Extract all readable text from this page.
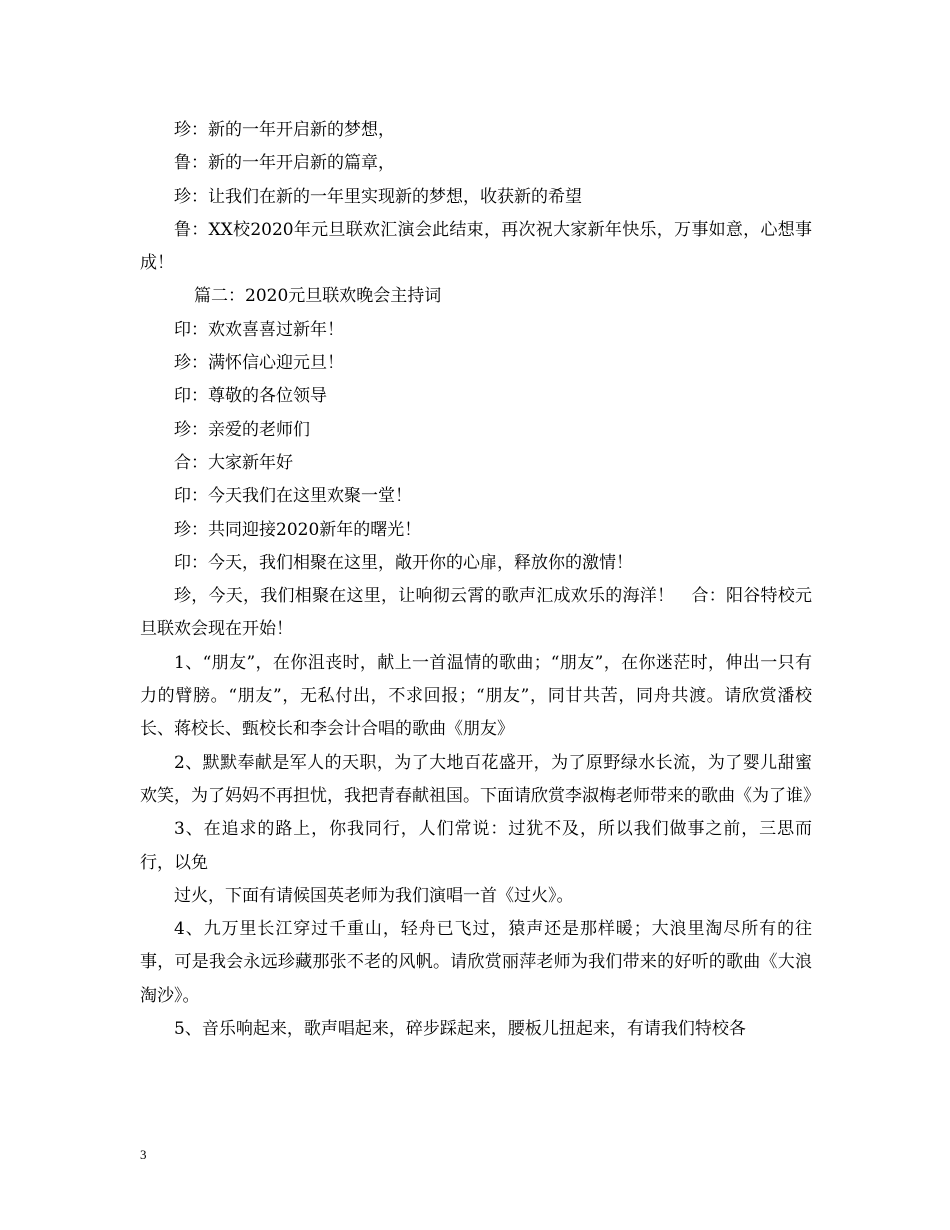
珍：新的一年开启新的梦想，

鲁：新的一年开启新的篇章，

珍：让我们在新的一年里实现新的梦想，收获新的希望

鲁：XX校2020年元旦联欢汇演会此结束，再次祝大家新年快乐，万事如意，心想事成！

篇二：2020元旦联欢晚会主持词

印：欢欢喜喜过新年！

珍：满怀信心迎元旦！

印：尊敬的各位领导

珍：亲爱的老师们

合：大家新年好

印：今天我们在这里欢聚一堂！

珍：共同迎接2020新年的曙光！

印：今天，我们相聚在这里，敞开你的心扉，释放你的激情！

珍，今天，我们相聚在这里，让响彻云霄的歌声汇成欢乐的海洋！　合：阳谷特校元旦联欢会现在开始！

1、“朋友”，在你沮丧时，献上一首温情的歌曲；“朋友”，在你迷茫时，伸出一只有力的臂膀。“朋友”，无私付出，不求回报；“朋友”，同甘共苦，同舟共渡。请欣赏潘校长、蒋校长、甄校长和李会计合唱的歌曲《朋友》

2、默默奉献是军人的天职，为了大地百花盛开，为了原野绿水长流，为了婴儿甜蜜欢笑，为了妈妈不再担忧，我把青春献祖国。下面请欣赏李淑梅老师带来的歌曲《为了谁》

3、在追求的路上，你我同行，人们常说：过犹不及，所以我们做事之前，三思而行，以免

过火，下面有请候国英老师为我们演唱一首《过火》。

4、九万里长江穿过千重山，轻舟已飞过，猿声还是那样暖；大浪里淘尽所有的往事，可是我会永远珍藏那张不老的风帆。请欣赏丽萍老师为我们带来的好听的歌曲《大浪淘沙》。

5、音乐响起来，歌声唱起来，碎步踩起来，腰板儿扭起来，有请我们特校各

3
